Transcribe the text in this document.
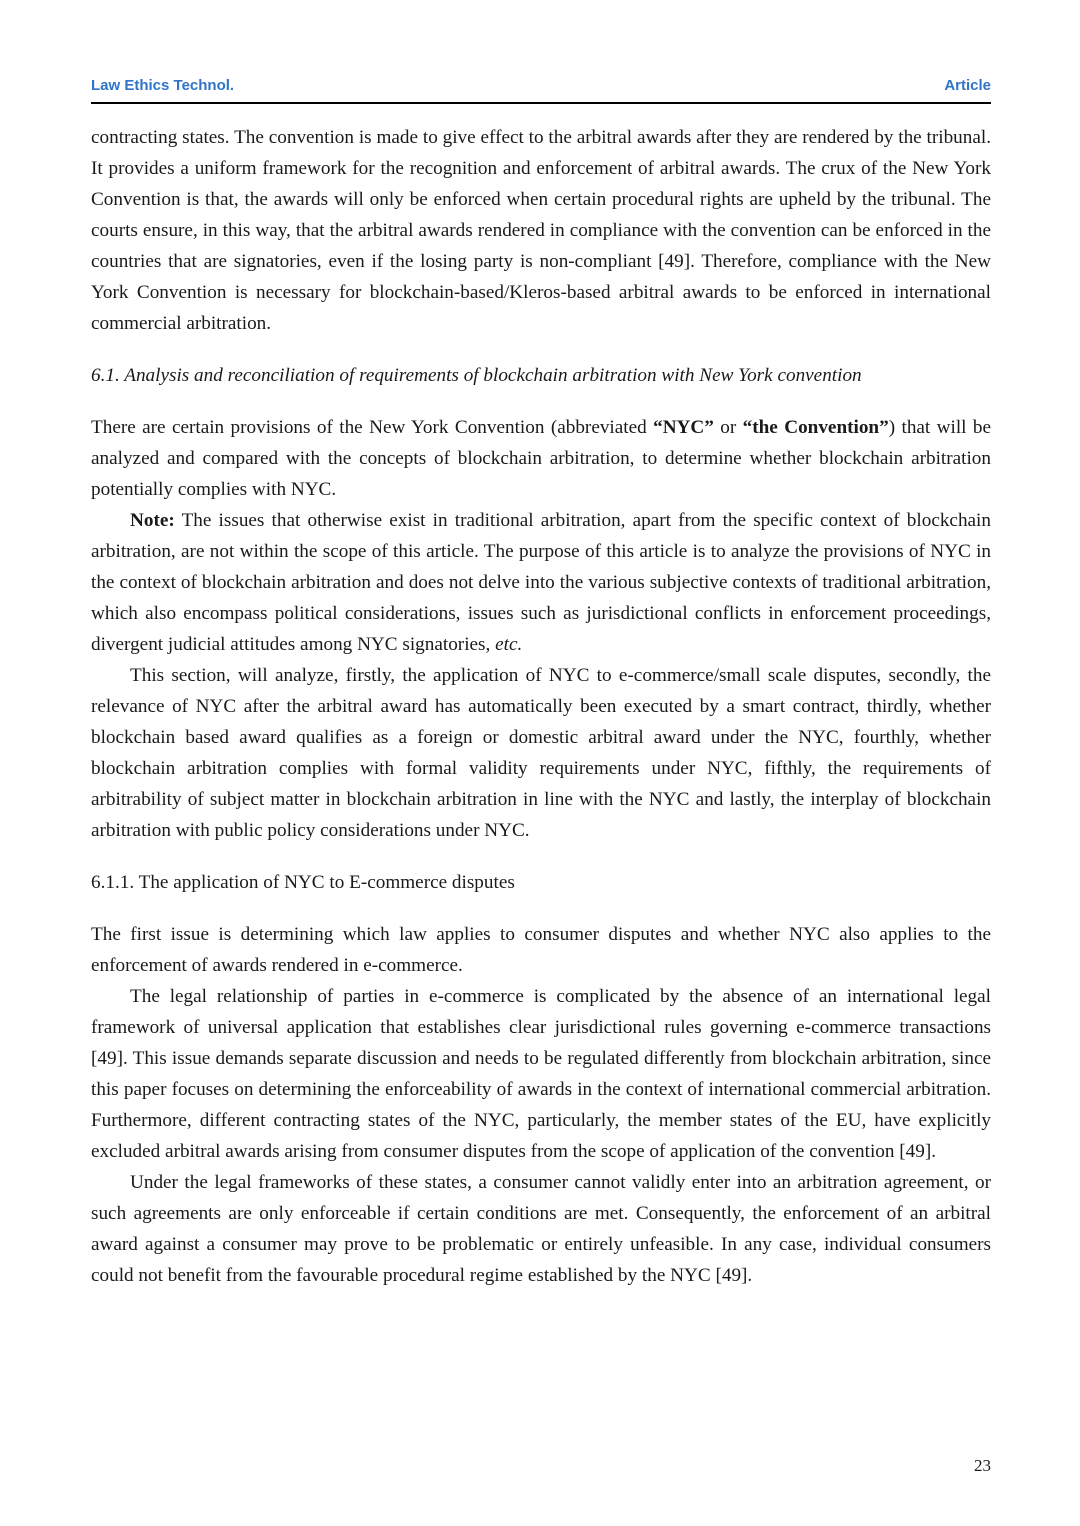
Law Ethics Technol.	Article

contracting states. The convention is made to give effect to the arbitral awards after they are rendered by the tribunal. It provides a uniform framework for the recognition and enforcement of arbitral awards. The crux of the New York Convention is that, the awards will only be enforced when certain procedural rights are upheld by the tribunal. The courts ensure, in this way, that the arbitral awards rendered in compliance with the convention can be enforced in the countries that are signatories, even if the losing party is non-compliant [49]. Therefore, compliance with the New York Convention is necessary for blockchain-based/Kleros-based arbitral awards to be enforced in international commercial arbitration.

6.1. Analysis and reconciliation of requirements of blockchain arbitration with New York convention

There are certain provisions of the New York Convention (abbreviated “NYC” or “the Convention”) that will be analyzed and compared with the concepts of blockchain arbitration, to determine whether blockchain arbitration potentially complies with NYC.

Note: The issues that otherwise exist in traditional arbitration, apart from the specific context of blockchain arbitration, are not within the scope of this article. The purpose of this article is to analyze the provisions of NYC in the context of blockchain arbitration and does not delve into the various subjective contexts of traditional arbitration, which also encompass political considerations, issues such as jurisdictional conflicts in enforcement proceedings, divergent judicial attitudes among NYC signatories, etc.

This section, will analyze, firstly, the application of NYC to e-commerce/small scale disputes, secondly, the relevance of NYC after the arbitral award has automatically been executed by a smart contract, thirdly, whether blockchain based award qualifies as a foreign or domestic arbitral award under the NYC, fourthly, whether blockchain arbitration complies with formal validity requirements under NYC, fifthly, the requirements of arbitrability of subject matter in blockchain arbitration in line with the NYC and lastly, the interplay of blockchain arbitration with public policy considerations under NYC.

6.1.1. The application of NYC to E-commerce disputes

The first issue is determining which law applies to consumer disputes and whether NYC also applies to the enforcement of awards rendered in e-commerce.

The legal relationship of parties in e-commerce is complicated by the absence of an international legal framework of universal application that establishes clear jurisdictional rules governing e-commerce transactions [49]. This issue demands separate discussion and needs to be regulated differently from blockchain arbitration, since this paper focuses on determining the enforceability of awards in the context of international commercial arbitration. Furthermore, different contracting states of the NYC, particularly, the member states of the EU, have explicitly excluded arbitral awards arising from consumer disputes from the scope of application of the convention [49].

Under the legal frameworks of these states, a consumer cannot validly enter into an arbitration agreement, or such agreements are only enforceable if certain conditions are met. Consequently, the enforcement of an arbitral award against a consumer may prove to be problematic or entirely unfeasible. In any case, individual consumers could not benefit from the favourable procedural regime established by the NYC [49].

23
